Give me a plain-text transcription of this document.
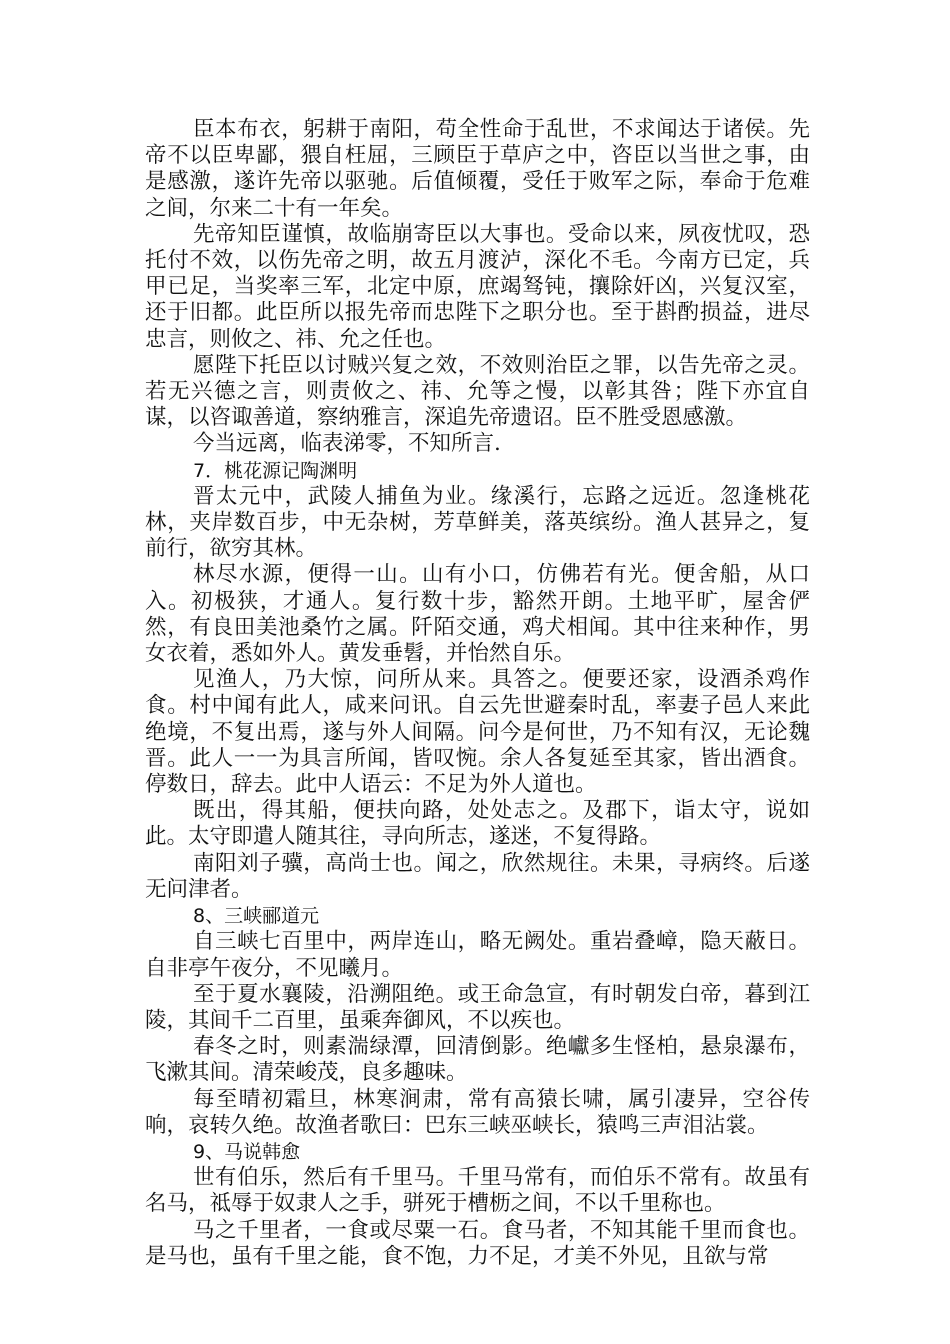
臣本布衣，躬耕于南阳，苟全性命于乱世，不求闻达于诸侯。先帝不以臣卑鄙，猥自枉屈，三顾臣于草庐之中，咨臣以当世之事，由是感激，遂许先帝以驱驰。后值倾覆，受任于败军之际，奉命于危难之间，尔来二十有一年矣。

先帝知臣谨慎，故临崩寄臣以大事也。受命以来，夙夜忧叹，恐托付不效，以伤先帝之明，故五月渡泸，深化不毛。今南方已定，兵甲已足，当奖率三军，北定中原，庶竭驽钝，攘除奸凶，兴复汉室，还于旧都。此臣所以报先帝而忠陛下之职分也。至于斟酌损益，进尽忠言，则攸之、祎、允之任也。

愿陛下托臣以讨贼兴复之效，不效则治臣之罪，以告先帝之灵。若无兴德之言，则责攸之、祎、允等之慢，以彰其咎；陛下亦宜自谋，以咨诹善道，察纳雅言，深追先帝遗诏。臣不胜受恩感激。

今当远离，临表涕零，不知所言.

7．桃花源记陶渊明

晋太元中，武陵人捕鱼为业。缘溪行，忘路之远近。忽逢桃花林，夹岸数百步，中无杂树，芳草鲜美，落英缤纷。渔人甚异之，复前行，欲穷其林。

林尽水源，便得一山。山有小口，仿佛若有光。便舍船，从口入。初极狭，才通人。复行数十步，豁然开朗。土地平旷，屋舍俨然，有良田美池桑竹之属。阡陌交通，鸡犬相闻。其中往来种作，男女衣着，悉如外人。黄发垂髫，并怡然自乐。

见渔人，乃大惊，问所从来。具答之。便要还家，设酒杀鸡作食。村中闻有此人，咸来问讯。自云先世避秦时乱，率妻子邑人来此绝境，不复出焉，遂与外人间隔。问今是何世，乃不知有汉，无论魏晋。此人一一为具言所闻，皆叹惋。余人各复延至其家，皆出酒食。停数日，辞去。此中人语云：不足为外人道也。

既出，得其船，便扶向路，处处志之。及郡下，诣太守，说如此。太守即遣人随其往，寻向所志，遂迷，不复得路。

南阳刘子骥，高尚士也。闻之，欣然规往。未果，寻病终。后遂无问津者。

8、三峡郦道元

自三峡七百里中，两岸连山，略无阙处。重岩叠嶂，隐天蔽日。自非亭午夜分，不见曦月。

至于夏水襄陵，沿溯阻绝。或王命急宣，有时朝发白帝，暮到江陵，其间千二百里，虽乘奔御风，不以疾也。

春冬之时，则素湍绿潭，回清倒影。绝巘多生怪柏，悬泉瀑布，飞漱其间。清荣峻茂，良多趣味。

每至晴初霜旦，林寒涧肃，常有高猿长啸，属引凄异，空谷传响，哀转久绝。故渔者歌曰：巴东三峡巫峡长，猿鸣三声泪沾裳。

9、马说韩愈

世有伯乐，然后有千里马。千里马常有，而伯乐不常有。故虽有名马，祗辱于奴隶人之手，骈死于槽枥之间，不以千里称也。

马之千里者，一食或尽粟一石。食马者，不知其能千里而食也。是马也，虽有千里之能，食不饱，力不足，才美不外见，且欲与常
